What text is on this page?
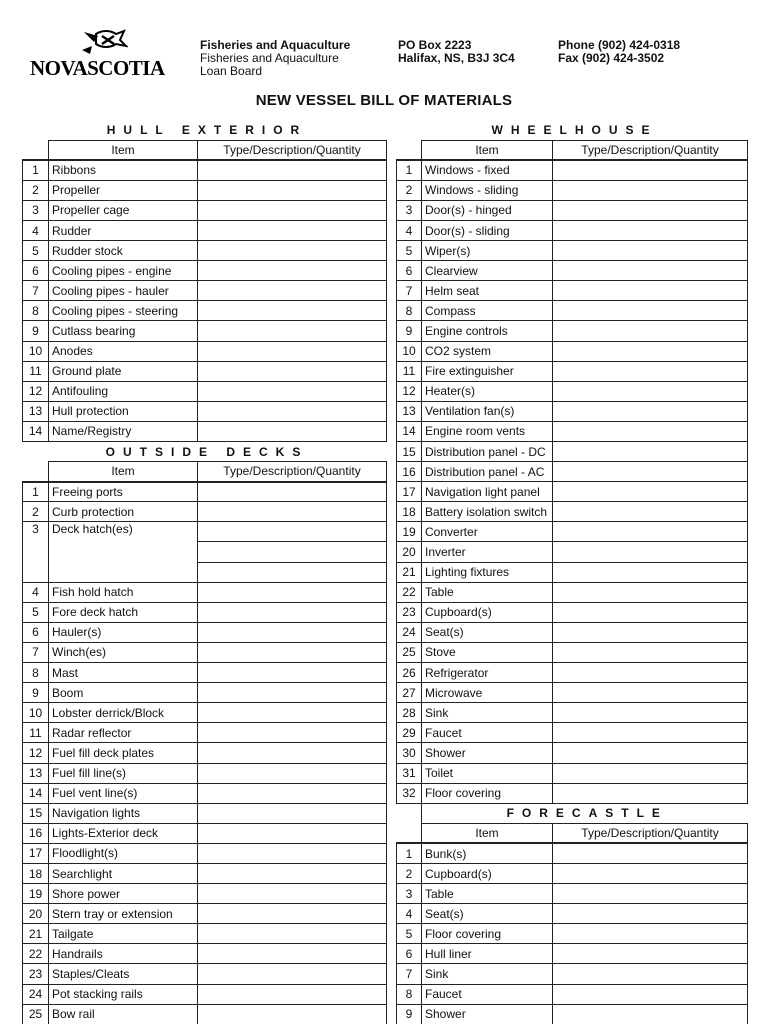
NOVASCOTIA
Fisheries and Aquaculture
Fisheries and Aquaculture
Loan Board
PO Box 2223
Halifax, NS, B3J 3C4
Phone (902) 424-0318
Fax (902) 424-3502
NEW VESSEL BILL OF MATERIALS
HULL EXTERIOR		
	Item	Type/Description/Quantity
1	Ribbons	
2	Propeller	
3	Propeller cage	
4	Rudder	
5	Rudder stock	
6	Cooling pipes - engine	
7	Cooling pipes - hauler	
8	Cooling pipes - steering	
9	Cutlass bearing	
10	Anodes	
11	Ground plate	
12	Antifouling	
13	Hull protection	
14	Name/Registry	
OUTSIDE DECKS		
	Item	Type/Description/Quantity
1	Freeing ports	
2	Curb protection	
3	Deck hatch(es)	

4	Fish hold hatch	
5	Fore deck hatch	
6	Hauler(s)	
7	Winch(es)	
8	Mast	
9	Boom	
10	Lobster derrick/Block	
11	Radar reflector	
12	Fuel fill deck plates	
13	Fuel fill line(s)	
14	Fuel vent line(s)	
15	Navigation lights	
16	Lights-Exterior deck	
17	Floodlight(s)	
18	Searchlight	
19	Shore power	
20	Stern tray or extension	
21	Tailgate	
22	Handrails	
23	Staples/Cleats	
24	Pot stacking rails	
25	Bow rail	
WHEELHOUSE		
	Item	Type/Description/Quantity
1	Windows - fixed	
2	Windows - sliding	
3	Door(s) - hinged	
4	Door(s) - sliding	
5	Wiper(s)	
6	Clearview	
7	Helm seat	
8	Compass	
9	Engine controls	
10	CO2 system	
11	Fire extinguisher	
12	Heater(s)	
13	Ventilation fan(s)	
14	Engine room vents	
15	Distribution panel - DC	
16	Distribution panel - AC	
17	Navigation light panel	
18	Battery isolation switch	
19	Converter	
20	Inverter	
21	Lighting fixtures	
22	Table	
23	Cupboard(s)	
24	Seat(s)	
25	Stove	
26	Refrigerator	
27	Microwave	
28	Sink	
29	Faucet	
30	Shower	
31	Toilet	
32	Floor covering	
	FORECASTLE	
	Item	Type/Description/Quantity
1	Bunk(s)	
2	Cupboard(s)	
3	Table	
4	Seat(s)	
5	Floor covering	
6	Hull liner	
7	Sink	
8	Faucet	
9	Shower	
